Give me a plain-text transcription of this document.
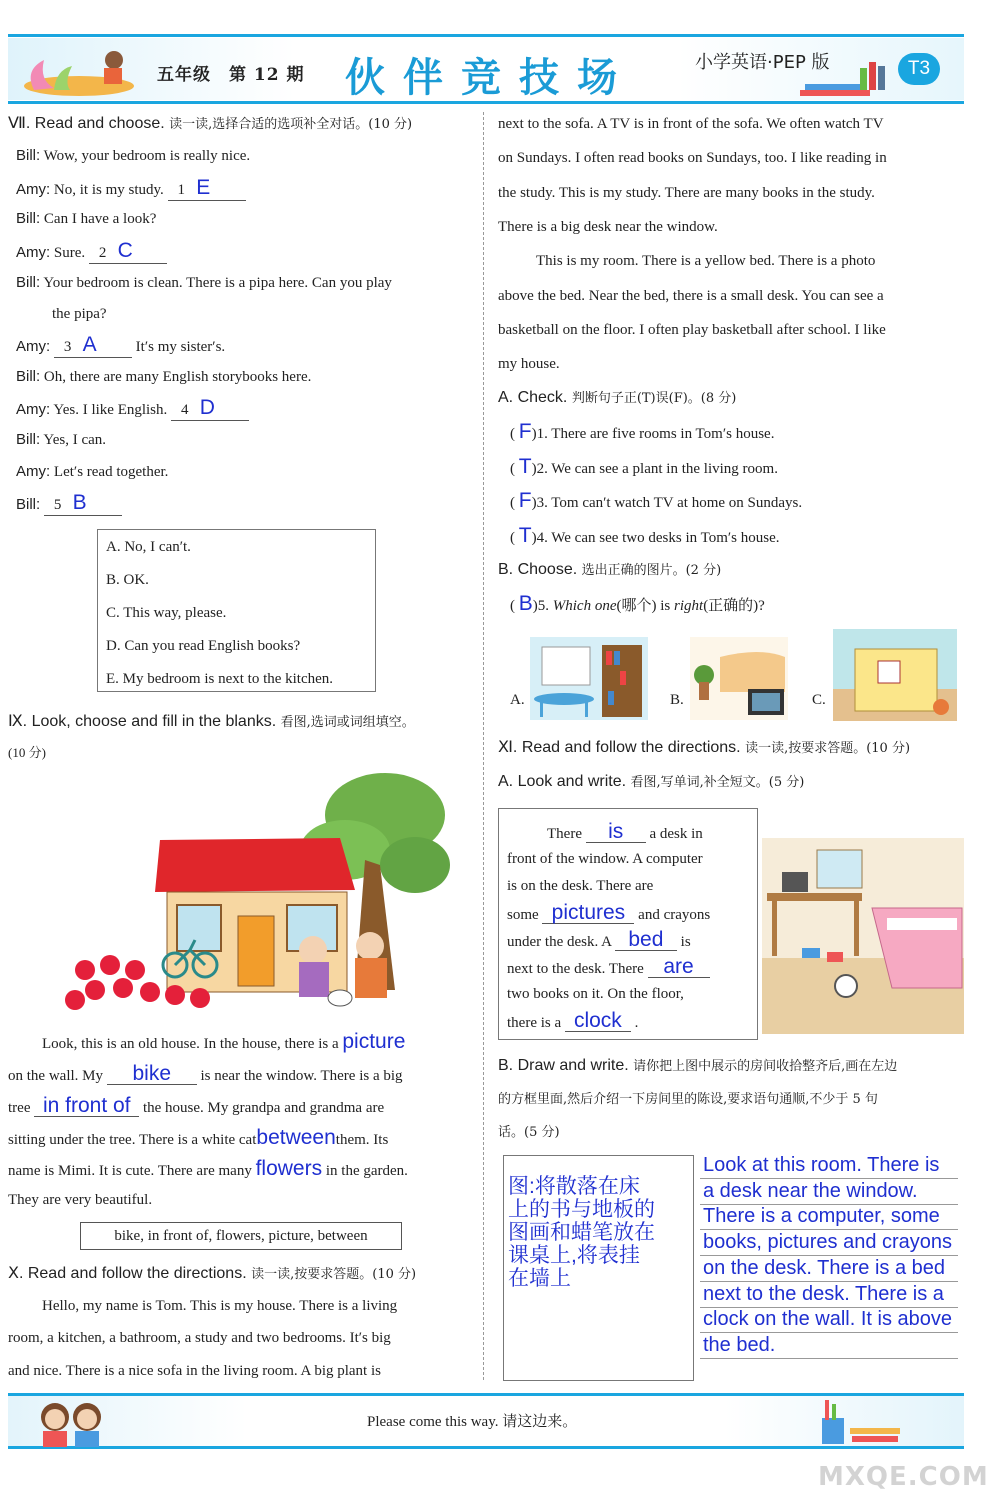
五年级　第 12 期 伙伴竞技场	小学英语·PEP 版	T3
Ⅶ. Read and choose. 读一读,选择合适的选项补全对话。(10 分)
Bill: Wow, your bedroom is really nice.
Amy: No, it is my study. 1 E
Bill: Can I have a look?
Amy: Sure. 2 C
Bill: Your bedroom is clean. There is a pipa here. Can you play
the pipa?
Amy: 3 A	It′s my sister′s.
Bill: Oh, there are many English storybooks here.
Amy: Yes. I like English. 4 D
Bill: Yes, I can.
Amy: Let′s read together.
Bill: 5 B
A. No, I can′t.
B. OK.
C. This way, please.
D. Can you read English books?
E. My bedroom is next to the kitchen.
Ⅸ. Look, choose and fill in the blanks. 看图,选词或词组填空。
(10 分)
Look, this is an old house. In the house, there is a picture
on the wall. My bike is near the window. There is a big
tree in front of the house. My grandpa and grandma are
sitting under the tree. There is a white catbetweenthem. Its
name is Mimi. It is cute. There are many flowers in the garden.
They are very beautiful.
bike, in front of, flowers, picture, between
Ⅹ. Read and follow the directions. 读一读,按要求答题。(10 分)
Hello, my name is Tom. This is my house. There is a living
room, a kitchen, a bathroom, a study and two bedrooms. It′s big
and nice. There is a nice sofa in the living room. A big plant is
next to the sofa. A TV is in front of the sofa. We often watch TV
on Sundays. I often read books on Sundays, too. I like reading in
the study. This is my study. There are many books in the study.
There is a big desk near the window.
This is my room. There is a yellow bed. There is a photo
above the bed. Near the bed, there is a small desk. You can see a
basketball on the floor. I often play basketball after school. I like
my house.
A. Check. 判断句子正(T)误(F)。(8 分)
( F)1. There are five rooms in Tom′s house.
( T)2. We can see a plant in the living room.
( F)3. Tom can′t watch TV at home on Sundays.
( T)4. We can see two desks in Tom′s house.
B. Choose. 选出正确的图片。(2 分)
( B)5. Which one(哪个) is right(正确的)?
A.	B.	C.
Ⅺ. Read and follow the directions. 读一读,按要求答题。(10 分)
A. Look and write. 看图,写单词,补全短文。(5 分)
There is a desk in
front of the window. A computer
is on the desk. There are
some pictures and crayons
under the desk. A bed is
next to the desk. There are
two books on it. On the floor,
there is a clock .
B. Draw and write. 请你把上图中展示的房间收拾整齐后,画在左边
的方框里面,然后介绍一下房间里的陈设,要求语句通顺,不少于 5 句
话。(5 分)
图:将散落在床
上的书与地板的
图画和蜡笔放在
课桌上,将表挂
在墙上
Look at this room. There is
a desk near the window.
There is a computer, some
books, pictures and crayons
on the desk. There is a bed
next to the desk. There is a
clock on the wall. It is above
the bed.
Please come this way. 请这边来。
MXQE.COM
